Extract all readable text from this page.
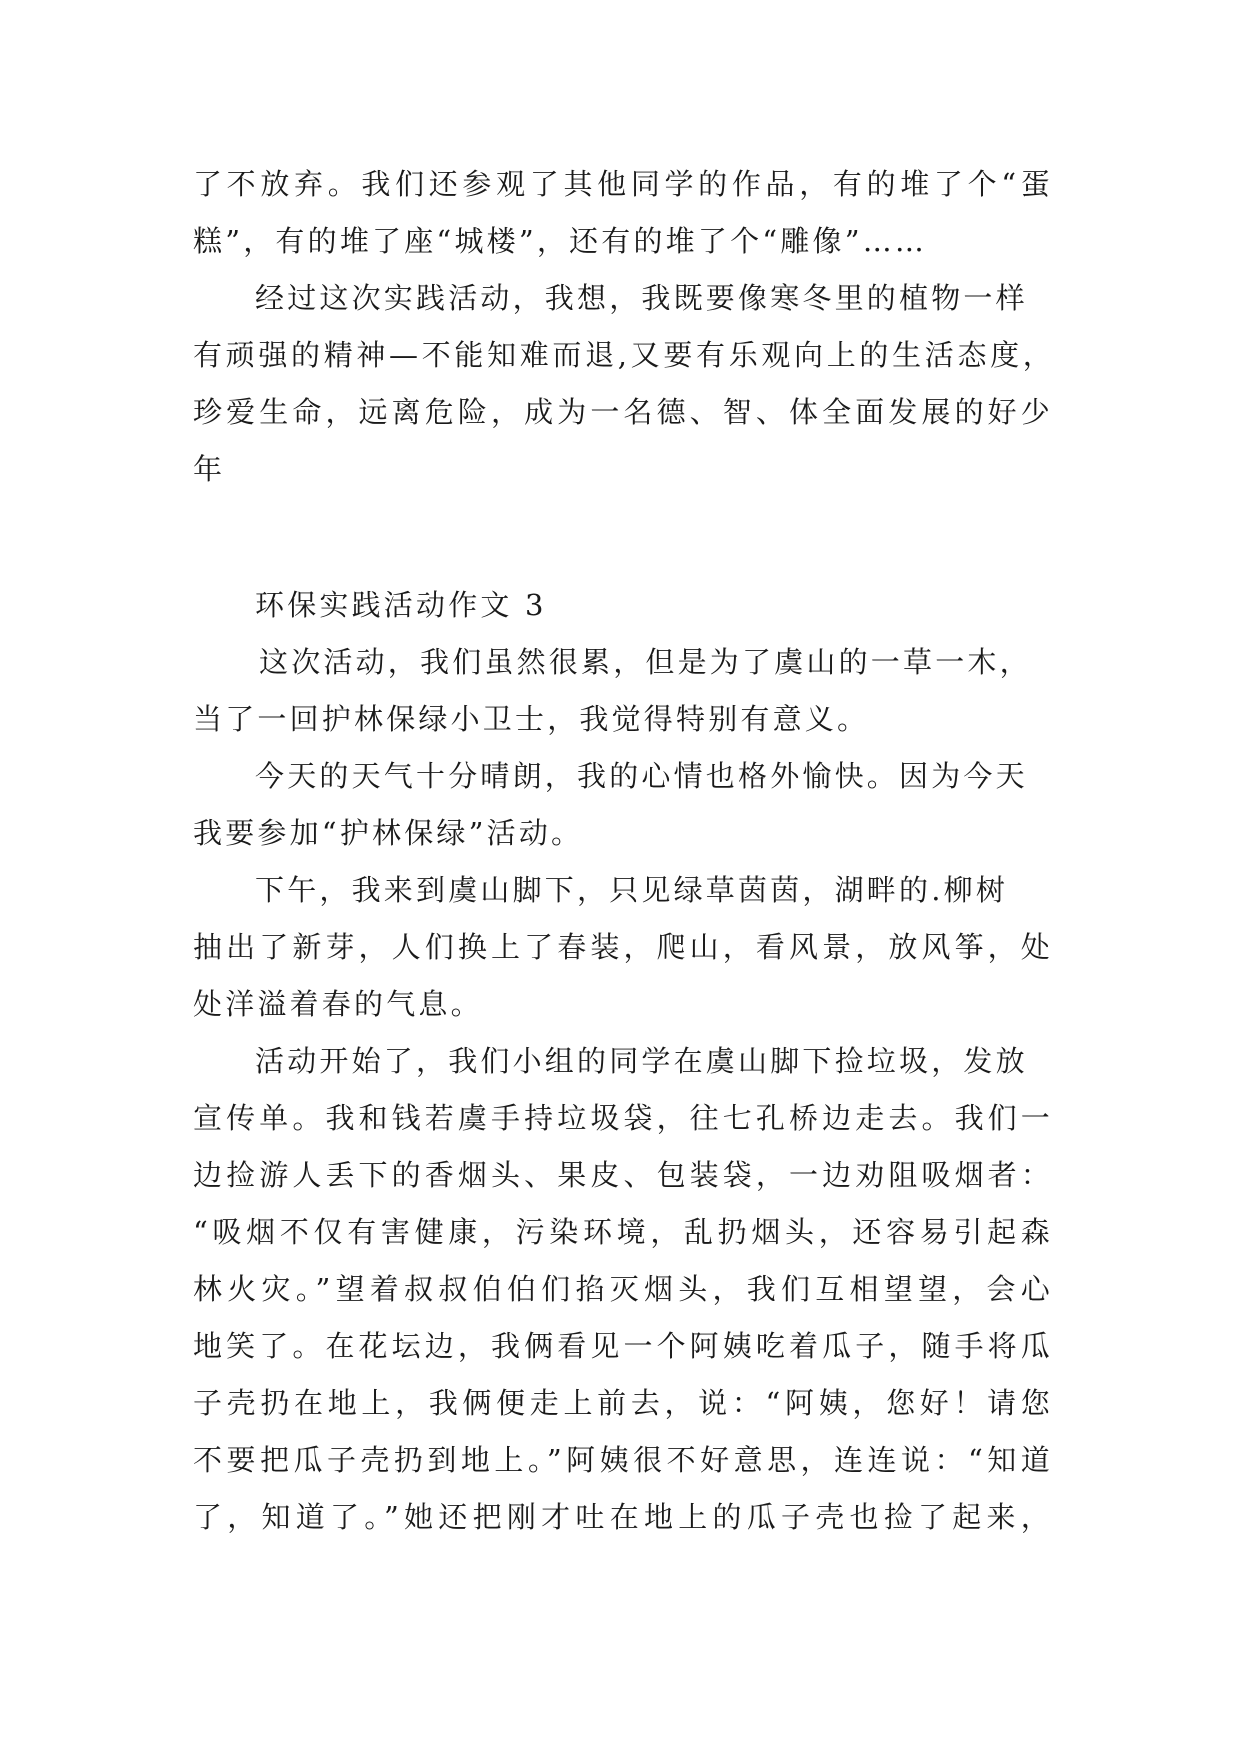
了不放弃。我们还参观了其他同学的作品，有的堆了个“蛋
糕”，有的堆了座“城楼”，还有的堆了个“雕像”……
经过这次实践活动，我想，我既要像寒冬里的植物一样
有顽强的精神—不能知难而退,又要有乐观向上的生活态度，
珍爱生命，远离危险，成为一名德、智、体全面发展的好少
年
环保实践活动作文 3
这次活动，我们虽然很累，但是为了虞山的一草一木，
当了一回护林保绿小卫士，我觉得特别有意义。
今天的天气十分晴朗，我的心情也格外愉快。因为今天
我要参加“护林保绿”活动。
下午，我来到虞山脚下，只见绿草茵茵，湖畔的.柳树
抽出了新芽，人们换上了春装，爬山，看风景，放风筝，处
处洋溢着春的气息。
活动开始了，我们小组的同学在虞山脚下捡垃圾，发放
宣传单。我和钱若虞手持垃圾袋，往七孔桥边走去。我们一
边捡游人丢下的香烟头、果皮、包装袋，一边劝阻吸烟者：
“吸烟不仅有害健康，污染环境，乱扔烟头，还容易引起森
林火灾。”望着叔叔伯伯们掐灭烟头，我们互相望望，会心
地笑了。在花坛边，我俩看见一个阿姨吃着瓜子，随手将瓜
子壳扔在地上，我俩便走上前去，说：“阿姨，您好！请您
不要把瓜子壳扔到地上。”阿姨很不好意思，连连说：“知道
了，知道了。”她还把刚才吐在地上的瓜子壳也捡了起来，
